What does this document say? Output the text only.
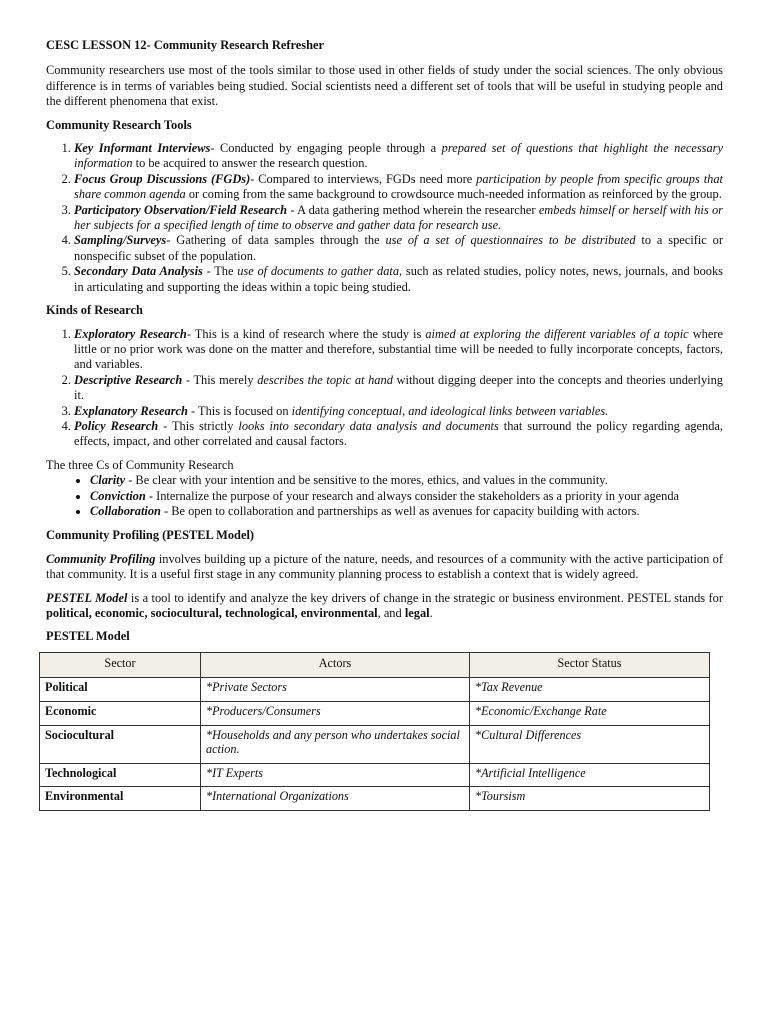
CESC LESSON 12- Community Research Refresher

Community researchers use most of the tools similar to those used in other fields of study under the social sciences. The only obvious difference is in terms of variables being studied. Social scientists need a different set of tools that will be useful in studying people and the different phenomena that exist.

Community Research Tools
1. Key Informant Interviews- Conducted by engaging people through a prepared set of questions that highlight the necessary information to be acquired to answer the research question.
2. Focus Group Discussions (FGDs)- Compared to interviews, FGDs need more participation by people from specific groups that share common agenda or coming from the same background to crowdsource much-needed information as reinforced by the group.
3. Participatory Observation/Field Research - A data gathering method wherein the researcher embeds himself or herself with his or her subjects for a specified length of time to observe and gather data for research use.
4. Sampling/Surveys- Gathering of data samples through the use of a set of questionnaires to be distributed to a specific or nonspecific subset of the population.
5. Secondary Data Analysis - The use of documents to gather data, such as related studies, policy notes, news, journals, and books in articulating and supporting the ideas within a topic being studied.
Kinds of Research
1. Exploratory Research- This is a kind of research where the study is aimed at exploring the different variables of a topic where little or no prior work was done on the matter and therefore, substantial time will be needed to fully incorporate concepts, factors, and variables.
2. Descriptive Research - This merely describes the topic at hand without digging deeper into the concepts and theories underlying it.
3. Explanatory Research - This is focused on identifying conceptual, and ideological links between variables.
4. Policy Research - This strictly looks into secondary data analysis and documents that surround the policy regarding agenda, effects, impact, and other correlated and causal factors.
The three Cs of Community Research
• Clarity - Be clear with your intention and be sensitive to the mores, ethics, and values in the community.
• Conviction - Internalize the purpose of your research and always consider the stakeholders as a priority in your agenda
• Collaboration - Be open to collaboration and partnerships as well as avenues for capacity building with actors.
Community Profiling (PESTEL Model)

Community Profiling involves building up a picture of the nature, needs, and resources of a community with the active participation of that community. It is a useful first stage in any community planning process to establish a context that is widely agreed.

PESTEL Model is a tool to identify and analyze the key drivers of change in the strategic or business environment. PESTEL stands for political, economic, sociocultural, technological, environmental, and legal.

PESTEL Model
Sector	Actors	Sector Status
Political	*Private Sectors	*Tax Revenue
Economic	*Producers/Consumers	*Economic/Exchange Rate
Sociocultural	*Households and any person who undertakes social action.	*Cultural Differences
Technological	*IT Experts	*Artificial Intelligence
Environmental	*International Organizations	*Toursism
